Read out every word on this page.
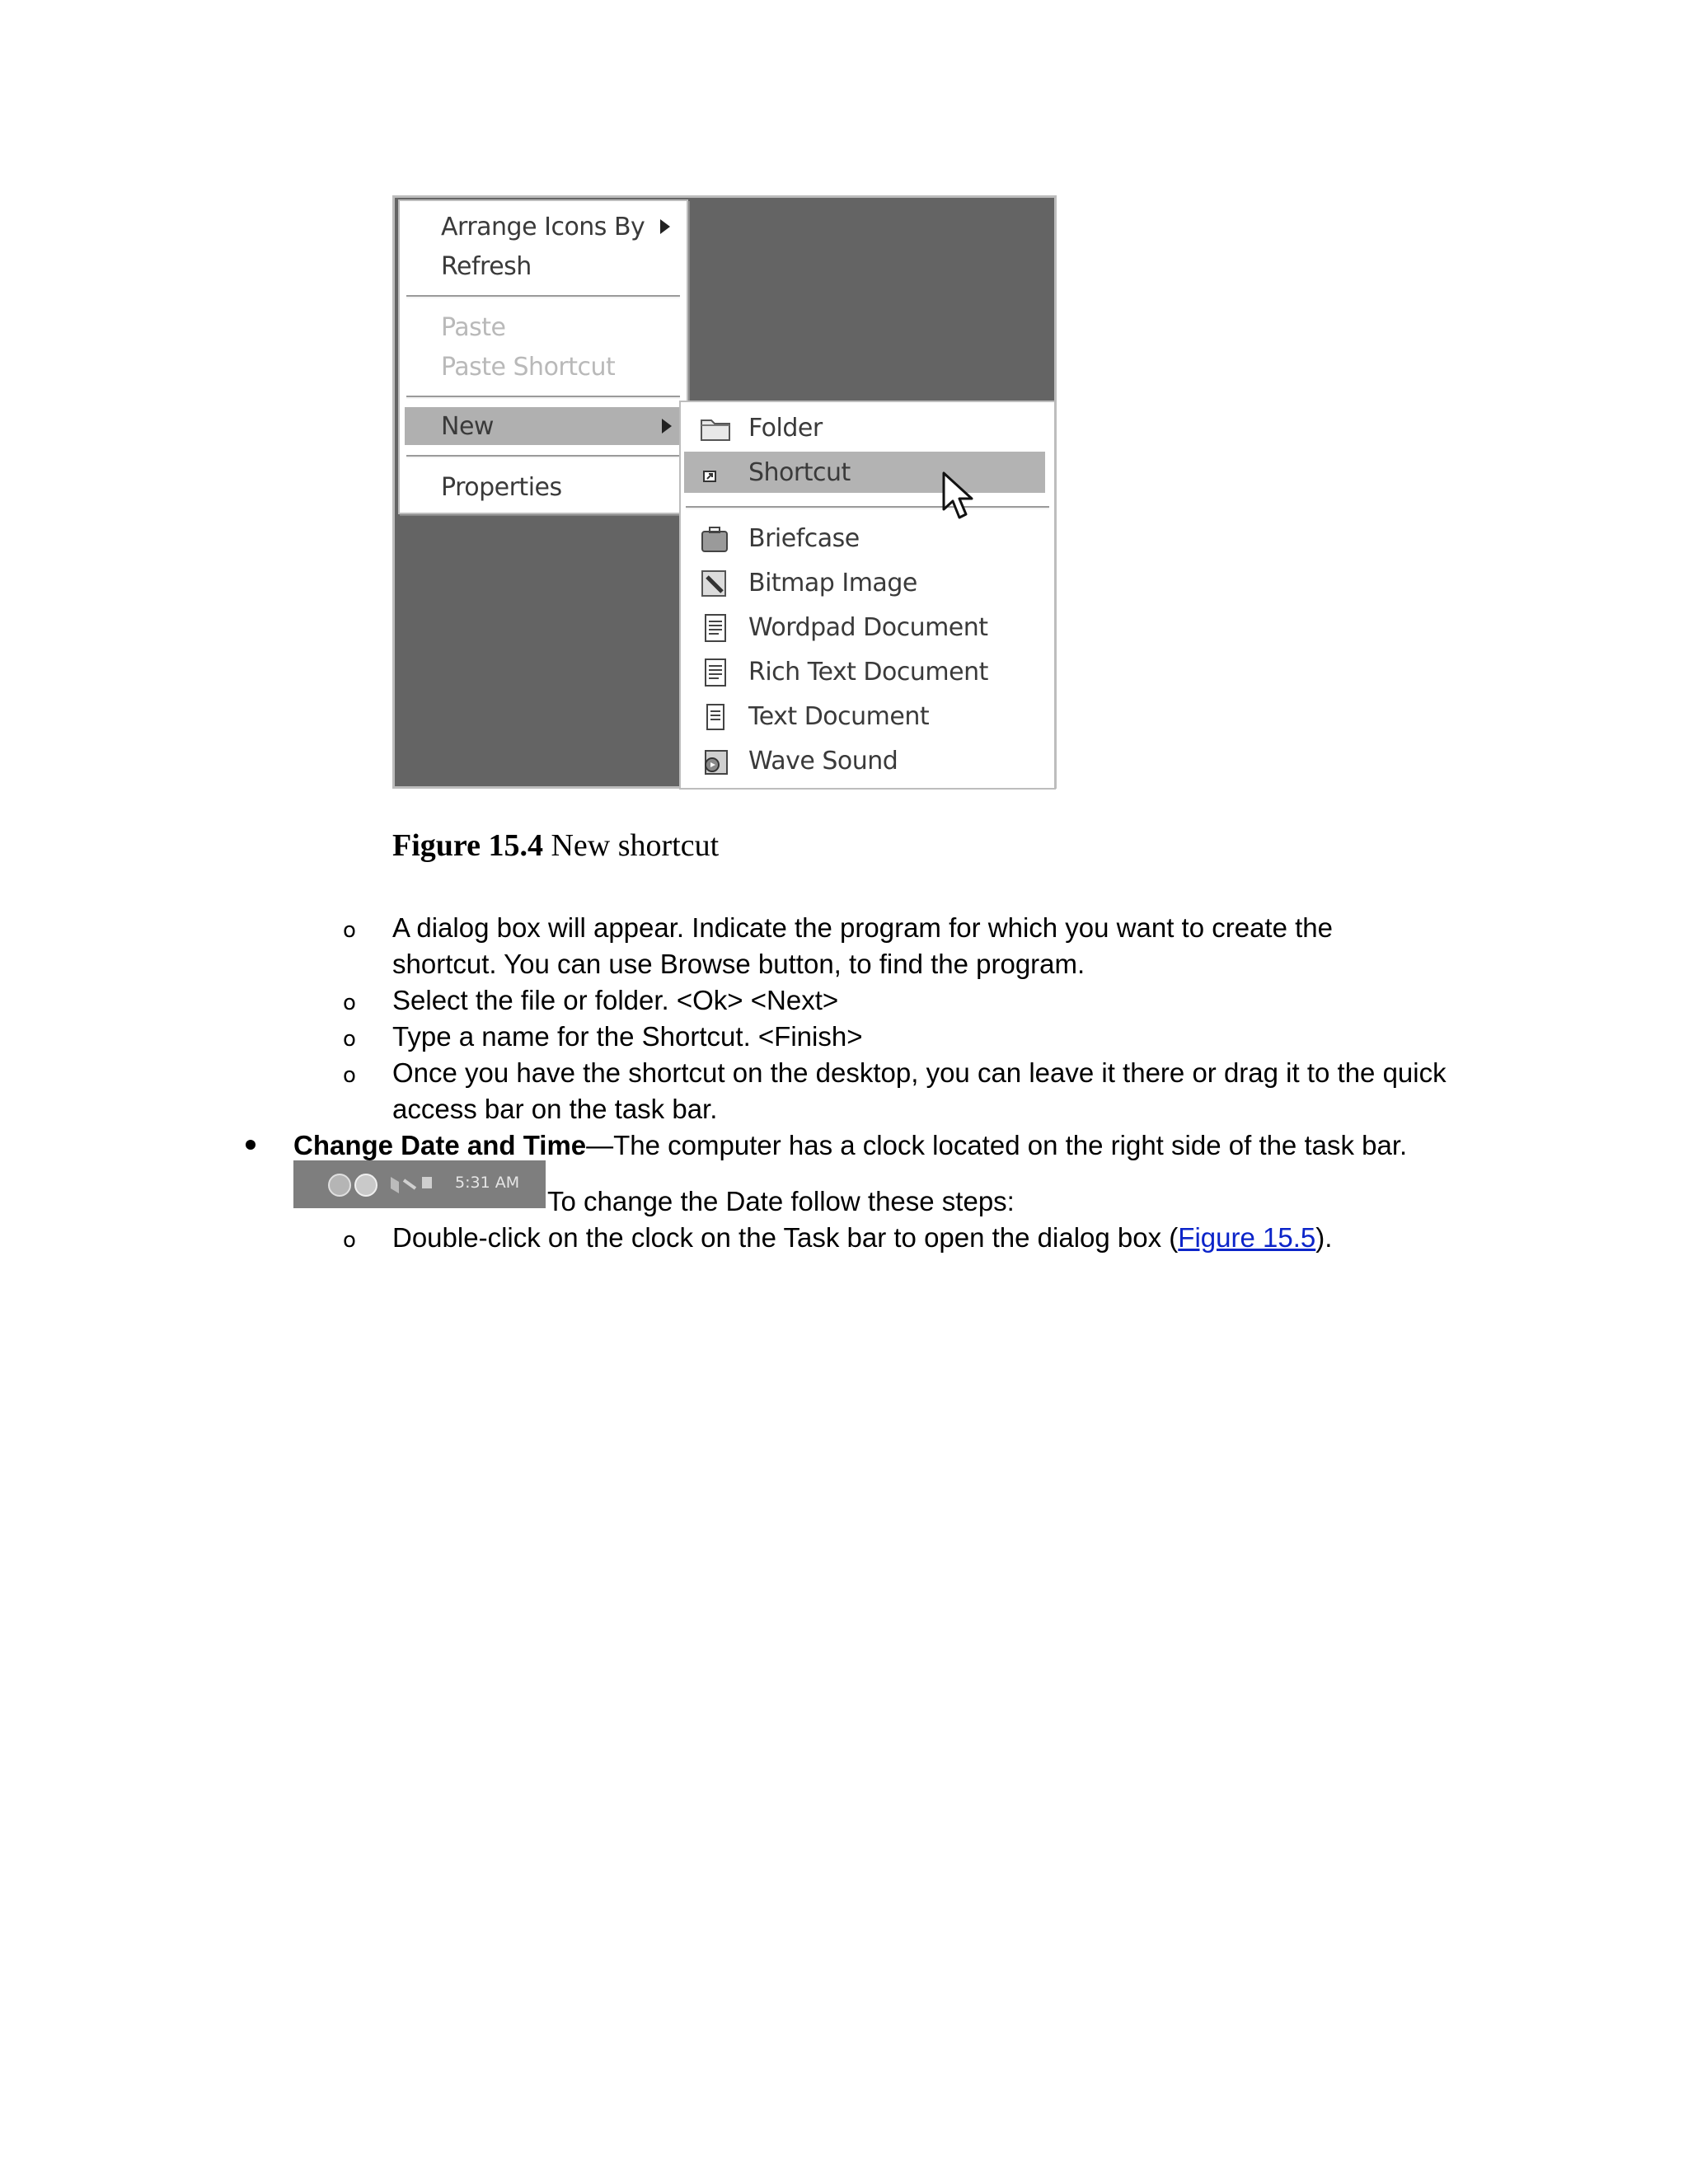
Arrange Icons By
Refresh
Paste
Paste Shortcut
New
Properties
Folder
Shortcut
Briefcase
Bitmap Image
Wordpad Document
Rich Text Document
Text Document
Wave Sound
Figure 15.4 New shortcut
o A dialog box will appear. Indicate the program for which you want to create the
shortcut. You can use Browse button, to find the program.
o Select the file or folder. <Ok> <Next>
o Type a name for the Shortcut. <Finish>
o Once you have the shortcut on the desktop, you can leave it there or drag it to the quick
access bar on the task bar.
Change Date and Time—The computer has a clock located on the right side of the task bar.
5:31 AM
To change the Date follow these steps:
o Double-click on the clock on the Task bar to open the dialog box (Figure 15.5).
